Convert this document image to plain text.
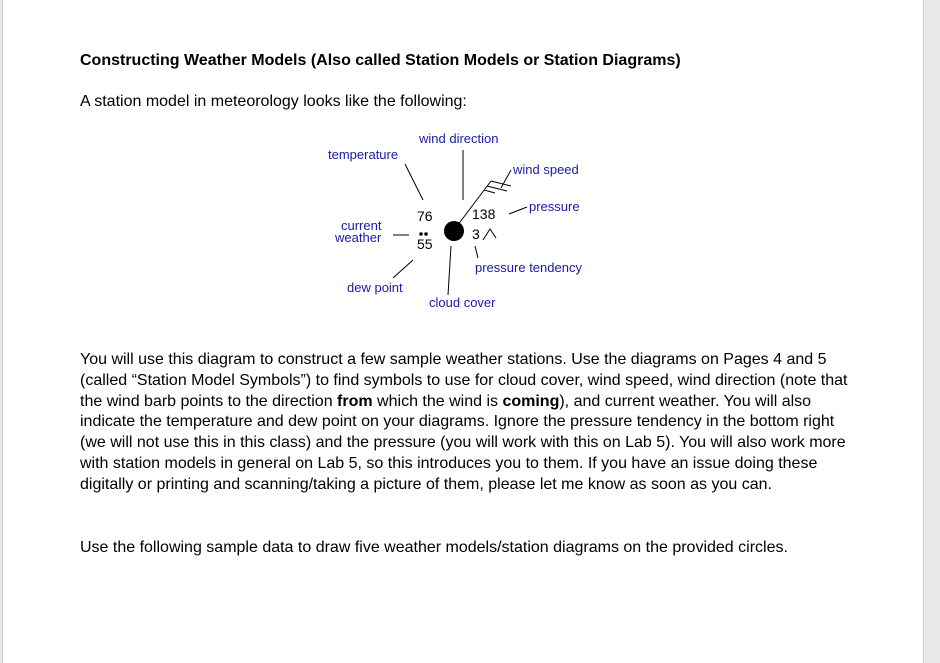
Constructing Weather Models (Also called Station Models or Station Diagrams)
A station model in meteorology looks like the following:
temperature
wind direction
wind speed
pressure
current
weather
pressure tendency
dew point
cloud cover
76
55
138
3

You will use this diagram to construct a few sample weather stations. Use the diagrams on Pages 4 and 5 (called “Station Model Symbols”) to find symbols to use for cloud cover, wind speed, wind direction (note that the wind barb points to the direction from which the wind is coming), and current weather. You will also indicate the temperature and dew point on your diagrams. Ignore the pressure tendency in the bottom right (we will not use this in this class) and the pressure (you will work with this on Lab 5). You will also work more with station models in general on Lab 5, so this introduces you to them. If you have an issue doing these digitally or printing and scanning/taking a picture of them, please let me know as soon as you can.

Use the following sample data to draw five weather models/station diagrams on the provided circles.
